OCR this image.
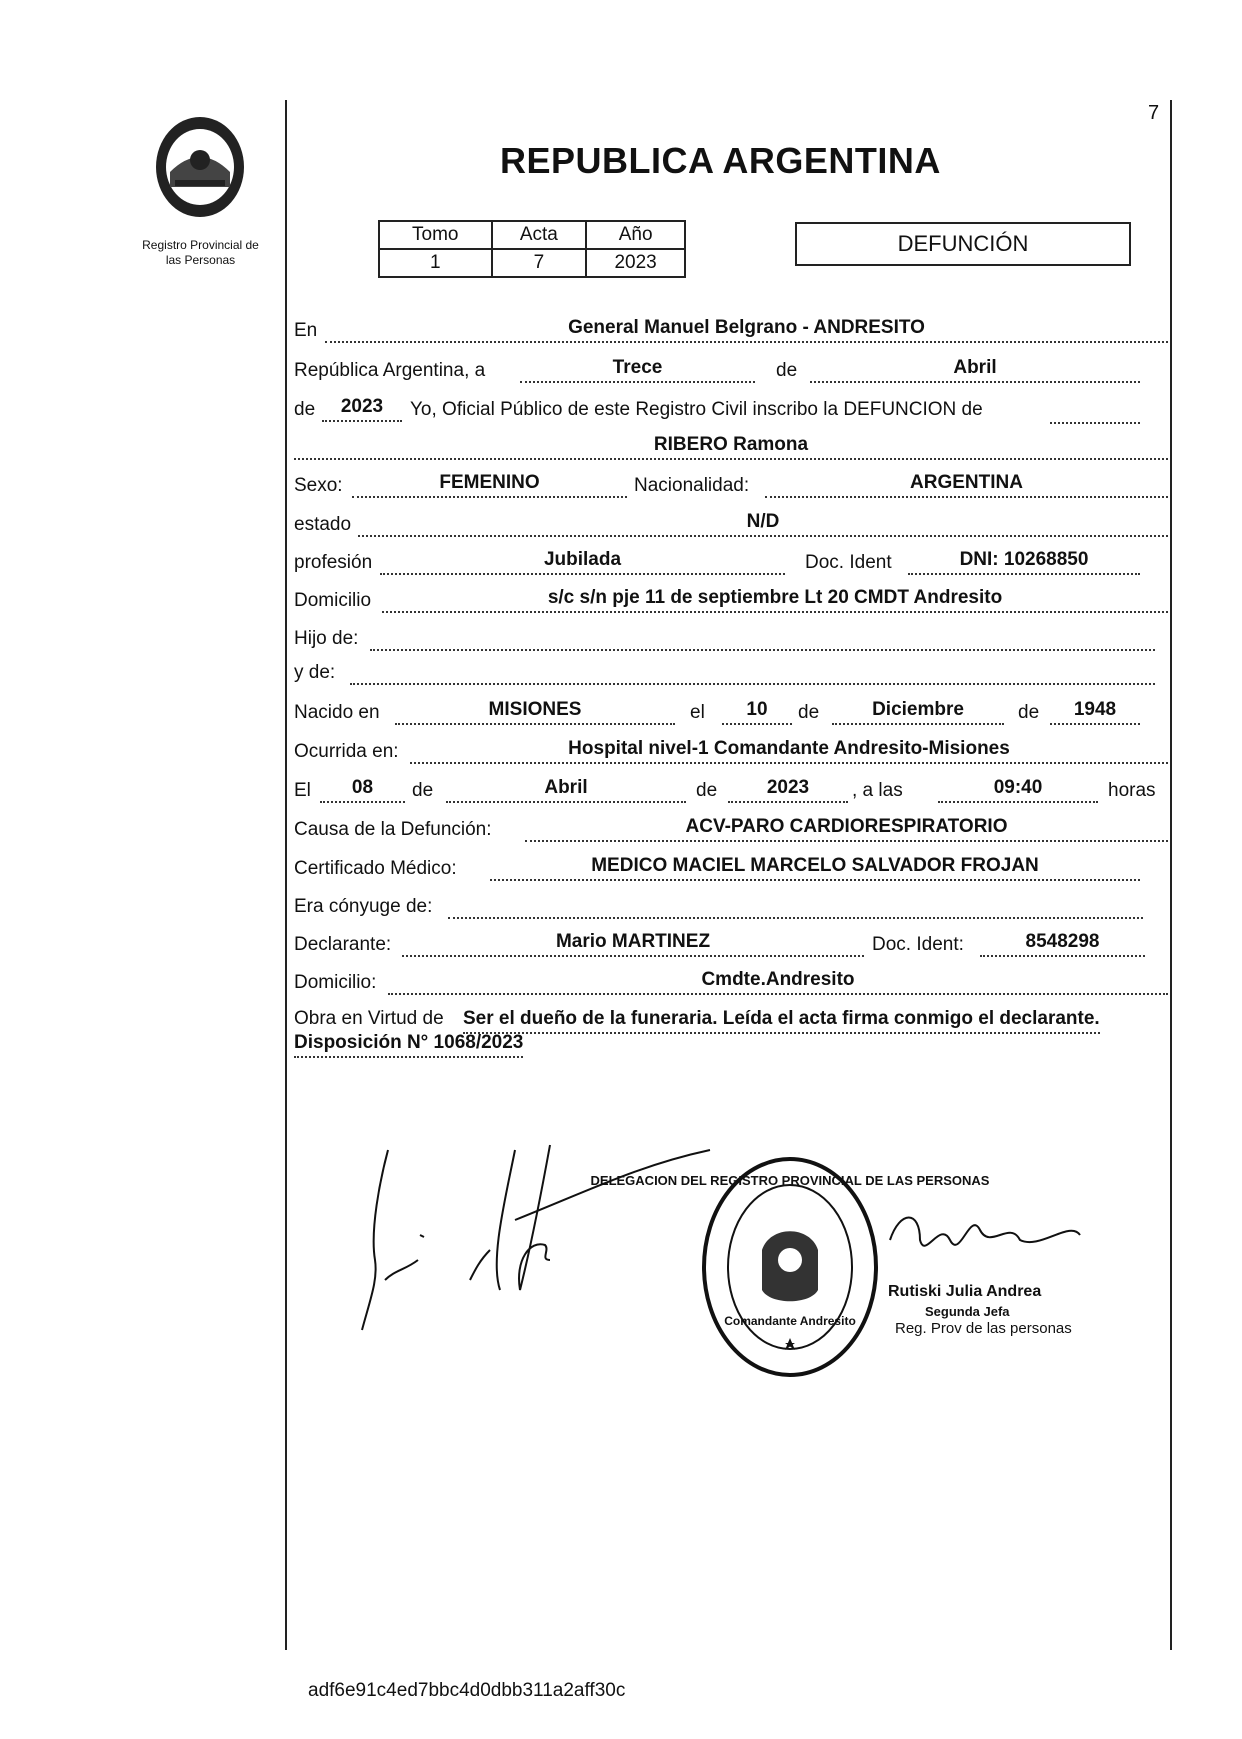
7
Registro Provincial de
las Personas
REPUBLICA ARGENTINA
Tomo	Acta	Año
1	7	2023
DEFUNCIÓN
En	General Manuel Belgrano - ANDRESITO
República Argentina, a	Trece	de	Abril
de	2023	Yo, Oficial Público de este Registro Civil inscribo la DEFUNCION de
RIBERO Ramona
Sexo:	FEMENINO	Nacionalidad:	ARGENTINA
estado	N/D
profesión	Jubilada	Doc. Ident	DNI: 10268850
Domicilio	s/c s/n pje 11 de septiembre Lt 20 CMDT Andresito
Hijo de:
y de:
Nacido en	MISIONES	el	10	de	Diciembre	de	1948
Ocurrida en:	Hospital nivel-1 Comandante Andresito-Misiones
El	08	de	Abril	de	2023	, a las	09:40	horas
Causa de la Defunción:	ACV-PARO CARDIORESPIRATORIO
Certificado Médico:	MEDICO MACIEL MARCELO SALVADOR FROJAN
Era cónyuge de:
Declarante:	Mario MARTINEZ	Doc. Ident:	8548298
Domicilio:	Cmdte.Andresito
Obra en Virtud de Ser el dueño de la funeraria. Leída el acta firma conmigo el declarante.
Disposición N° 1068/2023
DELEGACION DEL REGISTRO PROVINCIAL DE LAS PERSONAS
Comandante Andresito
Rutiski Julia Andrea
Segunda Jefa
Reg. Prov de las personas
adf6e91c4ed7bbc4d0dbb311a2aff30c
